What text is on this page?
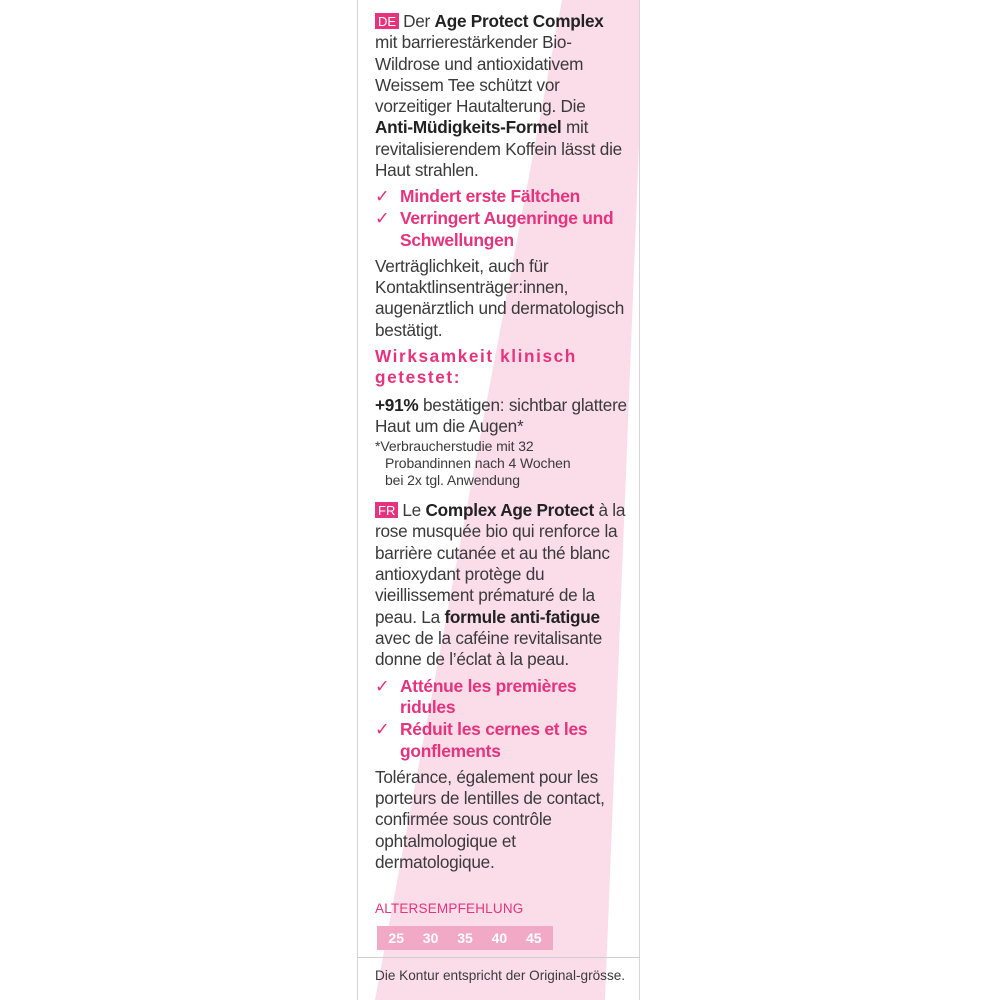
DE Der Age Protect Complex mit barrierestärkender Bio-Wildrose und antioxidativem Weissem Tee schützt vor vorzeitiger Hautalterung. Die Anti-Müdigkeits-Formel mit revitalisierendem Koffein lässt die Haut strahlen.

✓ Mindert erste Fältchen
✓ Verringert Augenringe und Schwellungen

Verträglichkeit, auch für Kontaktlinsenträger:innen, augenärztlich und dermatologisch bestätigt.

Wirksamkeit klinisch getestet:

+91% bestätigen: sichtbar glattere Haut um die Augen*

*Verbraucherstudie mit 32
Probandinnen nach 4 Wochen
bei 2x tgl. Anwendung

FR Le Complex Age Protect à la rose musquée bio qui renforce la barrière cutanée et au thé blanc antioxydant protège du vieillissement prématuré de la peau. La formule anti-fatigue avec de la caféine revitalisante donne de l’éclat à la peau.

✓ Atténue les premières ridules
✓ Réduit les cernes et les gonflements

Tolérance, également pour les porteurs de lentilles de contact, confirmée sous contrôle ophtalmologique et dermatologique.

ALTERSEMPFEHLUNG
25 30 35 40 45
Die Kontur entspricht der Original-grösse.
